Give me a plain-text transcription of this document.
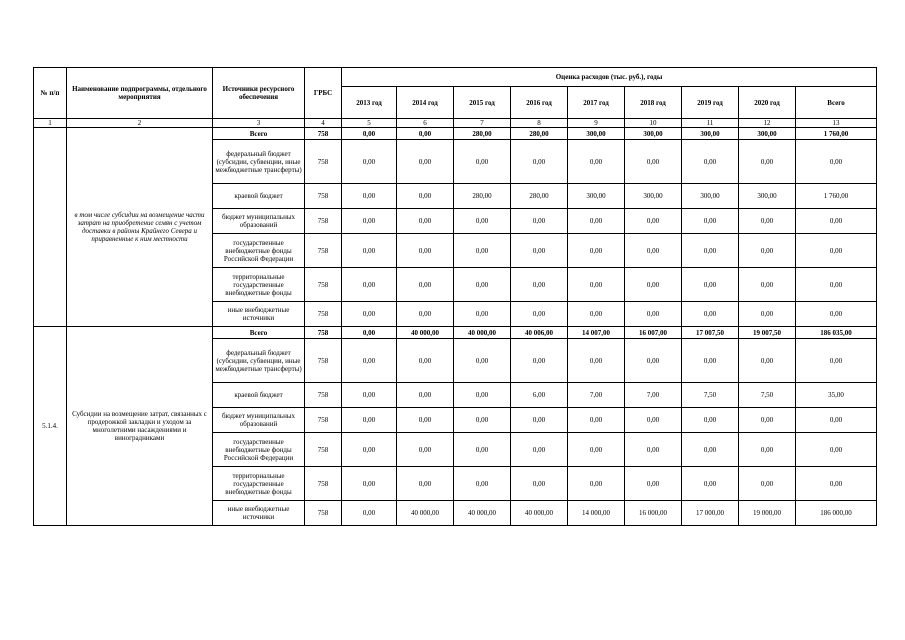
№ п/п	Наименование подпрограммы, отдельного мероприятия	Источники ресурсного обеспечения	ГРБС	Оценка расходов (тыс. руб.), годы								
				2013 год	2014 год	2015 год	2016 год	2017 год	2018 год	2019 год	2020 год	Всего
1	2	3	4	5	6	7	8	9	10	11	12	13
	в том числе субсидии на возмещение части затрат на приобретение семян с учетом доставки в районы Крайнего Севера и приравненные к ним местности	Всего	758	0,00	0,00	280,00	280,00	300,00	300,00	300,00	300,00	1 760,00
		федеральный бюджет (субсидии, субвенции, иные межбюджетные трансферты)	758	0,00	0,00	0,00	0,00	0,00	0,00	0,00	0,00	0,00
		краевой бюджет	758	0,00	0,00	280,00	280,00	300,00	300,00	300,00	300,00	1 760,00
		бюджет муниципальных образований	758	0,00	0,00	0,00	0,00	0,00	0,00	0,00	0,00	0,00
		государственные внебюджетные фонды Российской Федерации	758	0,00	0,00	0,00	0,00	0,00	0,00	0,00	0,00	0,00
		территориальные государственные внебюджетные фонды	758	0,00	0,00	0,00	0,00	0,00	0,00	0,00	0,00	0,00
		иные внебюджетные источники	758	0,00	0,00	0,00	0,00	0,00	0,00	0,00	0,00	0,00
5.1.4.	Субсидии на возмещение затрат, связанных с продерожкой закладки и уходом за многолетними насаждениями и виноградниками	Всего	758	0,00	40 000,00	40 000,00	40 006,00	14 007,00	16 007,00	17 007,50	19 007,50	186 035,00
		федеральный бюджет (субсидии, субвенции, иные межбюджетные трансферты)	758	0,00	0,00	0,00	0,00	0,00	0,00	0,00	0,00	0,00
		краевой бюджет	758	0,00	0,00	0,00	6,00	7,00	7,00	7,50	7,50	35,00
		бюджет муниципальных образований	758	0,00	0,00	0,00	0,00	0,00	0,00	0,00	0,00	0,00
		государственные внебюджетные фонды Российской Федерации	758	0,00	0,00	0,00	0,00	0,00	0,00	0,00	0,00	0,00
		территориальные государственные внебюджетные фонды	758	0,00	0,00	0,00	0,00	0,00	0,00	0,00	0,00	0,00
		иные внебюджетные источники	758	0,00	40 000,00	40 000,00	40 000,00	14 000,00	16 000,00	17 000,00	19 000,00	186 000,00
